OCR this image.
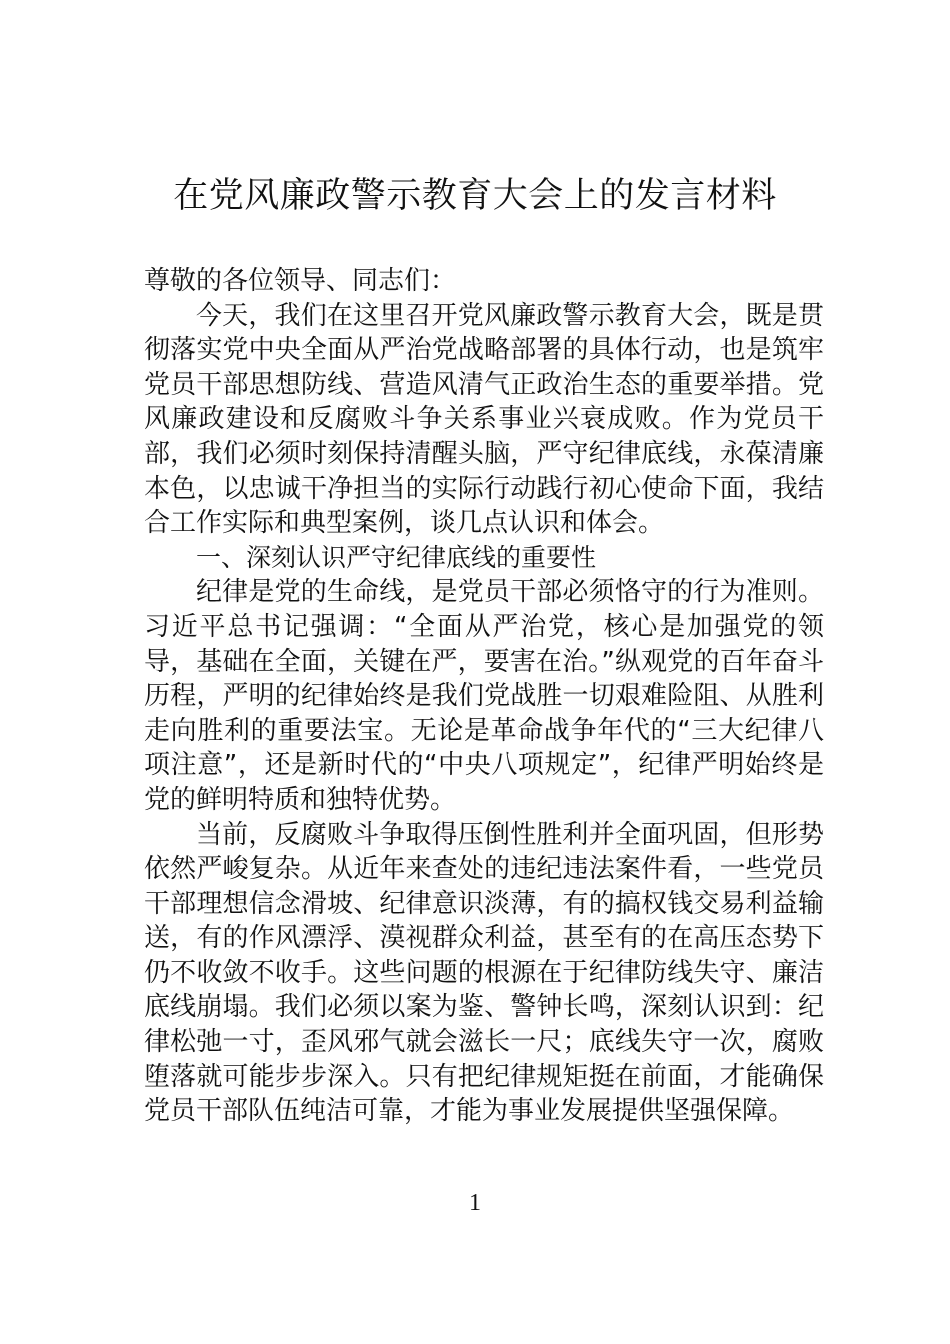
在党风廉政警示教育大会上的发言材料

尊敬的各位领导、同志们：

今天，我们在这里召开党风廉政警示教育大会，既是贯彻落实党中央全面从严治党战略部署的具体行动，也是筑牢党员干部思想防线、营造风清气正政治生态的重要举措。党风廉政建设和反腐败斗争关系事业兴衰成败。作为党员干部，我们必须时刻保持清醒头脑，严守纪律底线，永葆清廉本色，以忠诚干净担当的实际行动践行初心使命下面，我结合工作实际和典型案例，谈几点认识和体会。

一、深刻认识严守纪律底线的重要性

纪律是党的生命线，是党员干部必须恪守的行为准则。习近平总书记强调：“全面从严治党，核心是加强党的领导，基础在全面，关键在严，要害在治。”纵观党的百年奋斗历程，严明的纪律始终是我们党战胜一切艰难险阻、从胜利走向胜利的重要法宝。无论是革命战争年代的“三大纪律八项注意”，还是新时代的“中央八项规定”，纪律严明始终是党的鲜明特质和独特优势。

当前，反腐败斗争取得压倒性胜利并全面巩固，但形势依然严峻复杂。从近年来查处的违纪违法案件看，一些党员干部理想信念滑坡、纪律意识淡薄，有的搞权钱交易利益输送，有的作风漂浮、漠视群众利益，甚至有的在高压态势下仍不收敛不收手。这些问题的根源在于纪律防线失守、廉洁底线崩塌。我们必须以案为鉴、警钟长鸣，深刻认识到：纪律松弛一寸，歪风邪气就会滋长一尺；底线失守一次，腐败堕落就可能步步深入。只有把纪律规矩挺在前面，才能确保党员干部队伍纯洁可靠，才能为事业发展提供坚强保障。

1
